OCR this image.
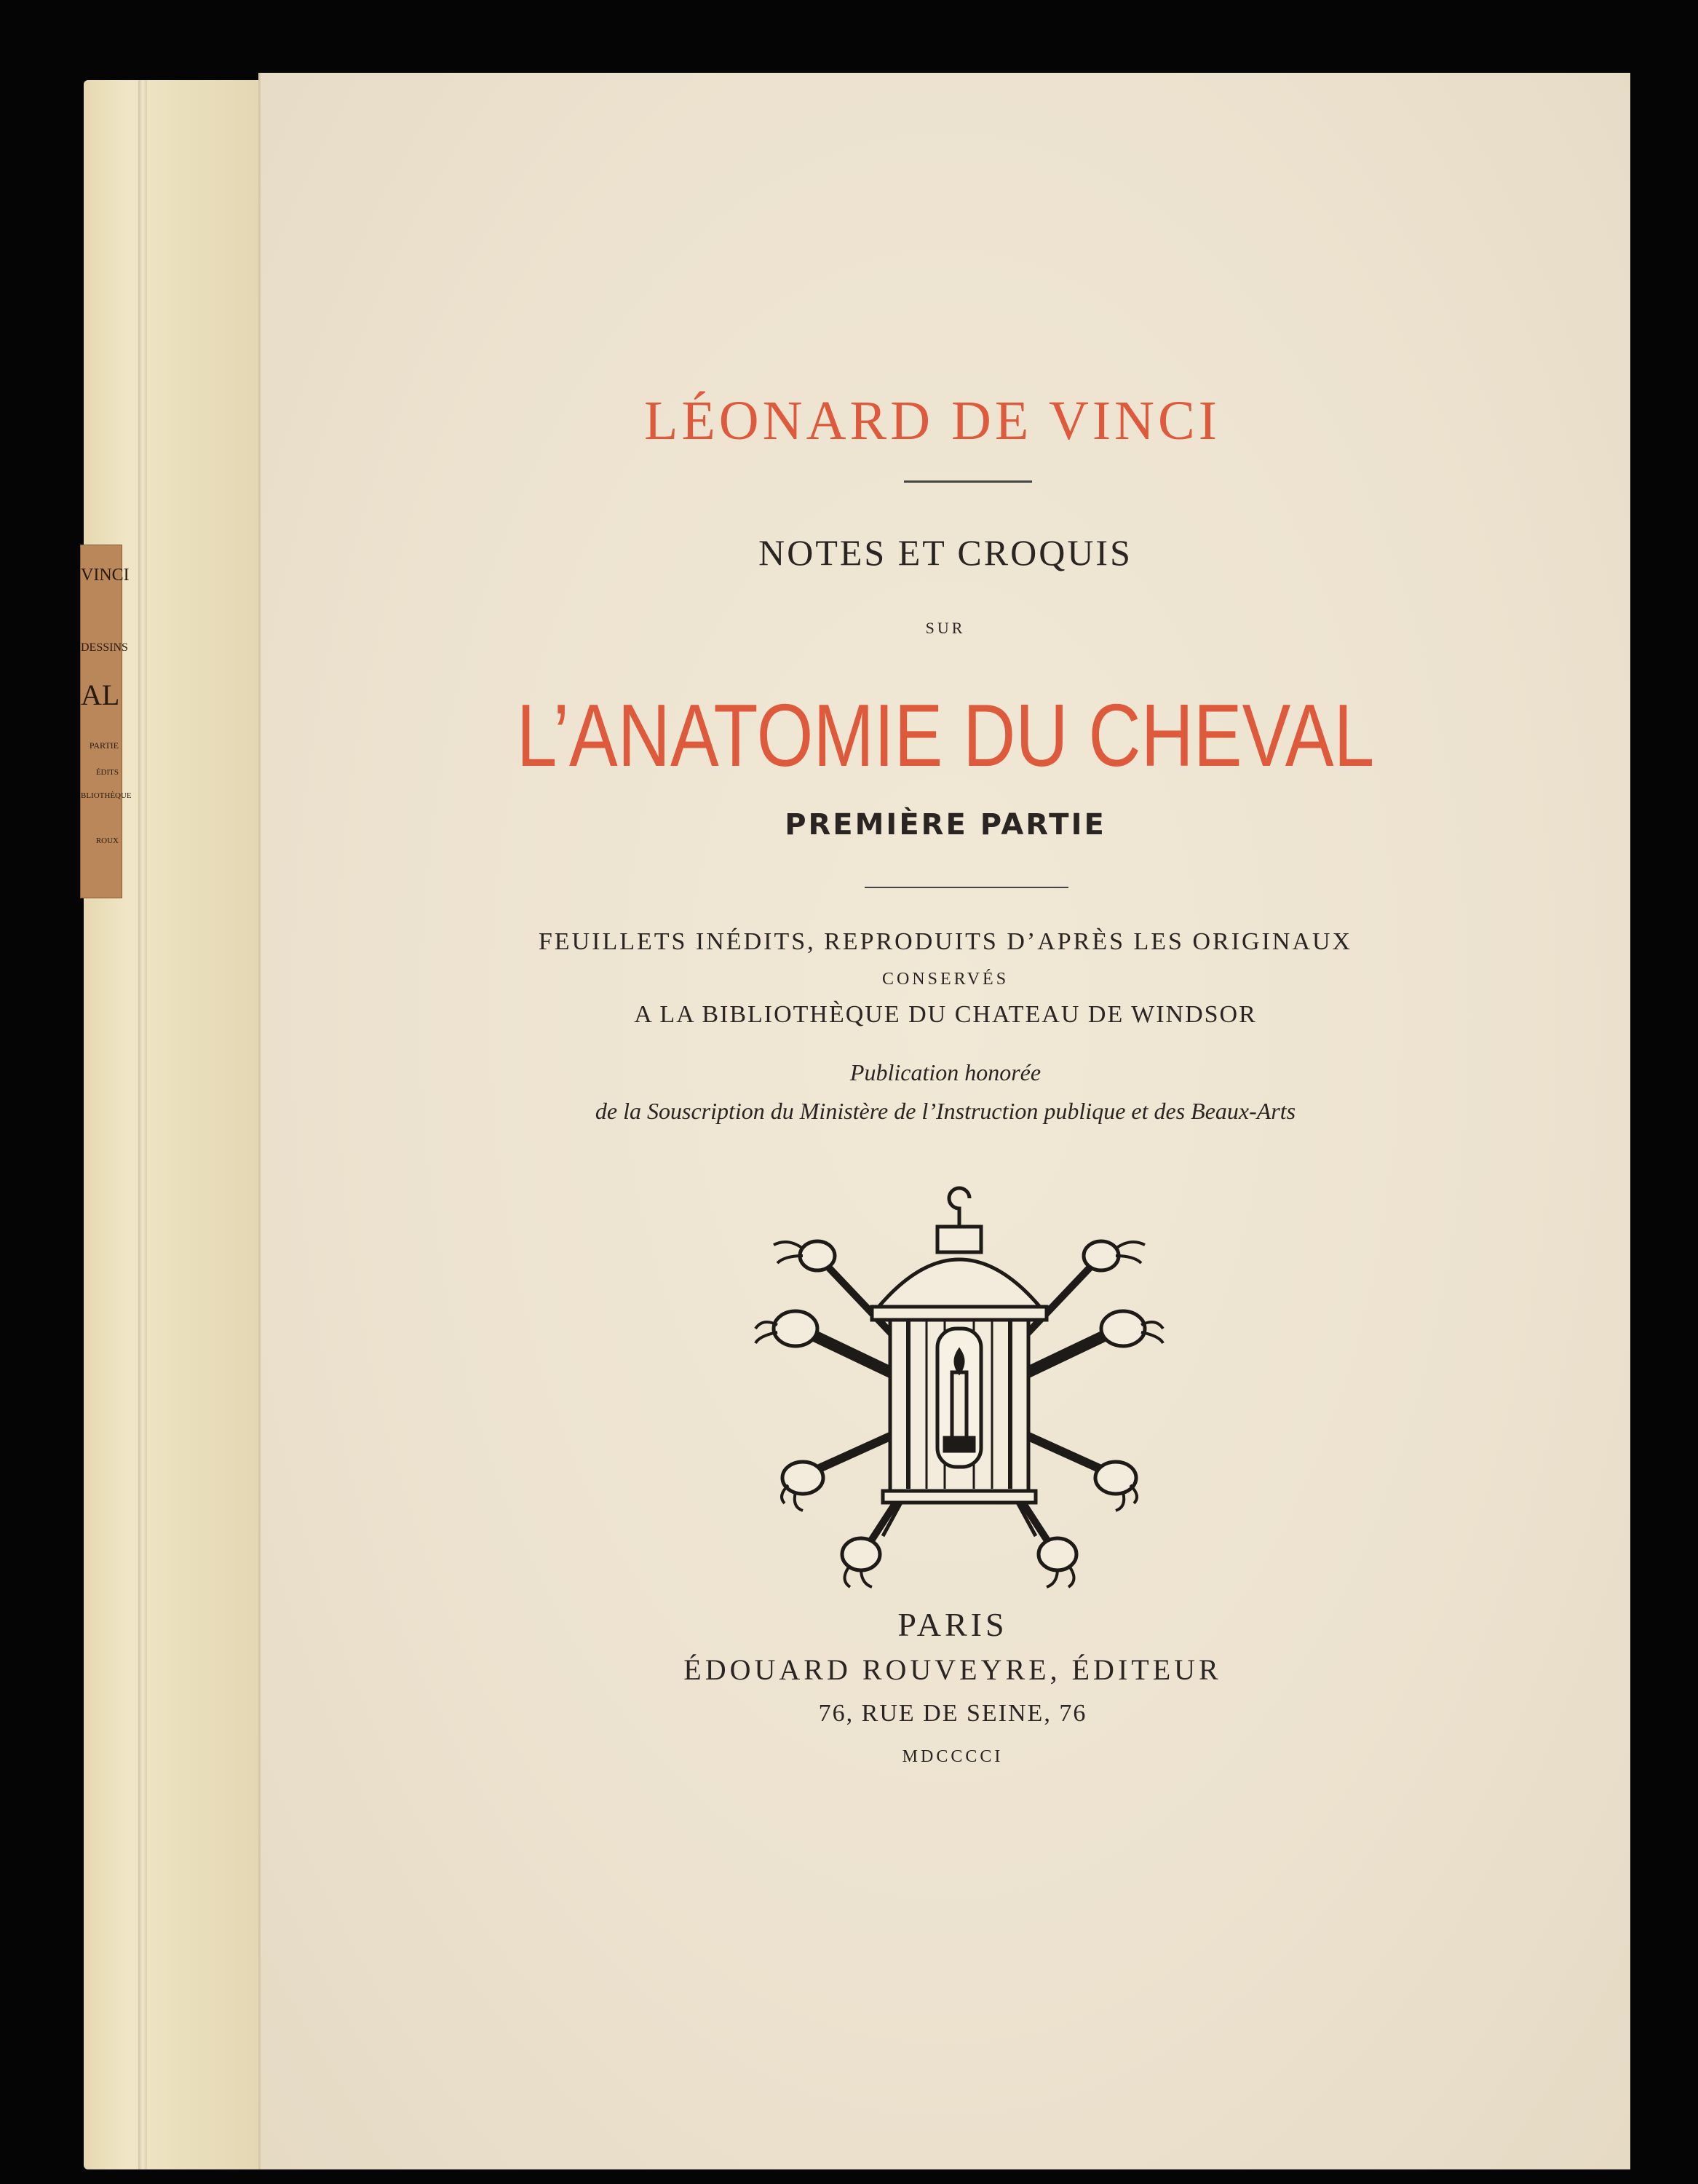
VINCI
DESSINS
AL
PARTIE
ÉDITS
BLIOTHÈQUE
ROUX
LÉONARD DE VINCI
NOTES ET CROQUIS
SUR
L’ANATOMIE DU CHEVAL
PREMIÈRE PARTIE
FEUILLETS INÉDITS, REPRODUITS D’APRÈS LES ORIGINAUX
CONSERVÉS
A LA BIBLIOTHÈQUE DU CHATEAU DE WINDSOR
Publication honorée
de la Souscription du Ministère de l’Instruction publique et des Beaux-Arts
PARIS
ÉDOUARD ROUVEYRE, ÉDITEUR
76, RUE DE SEINE, 76
MDCCCCI
